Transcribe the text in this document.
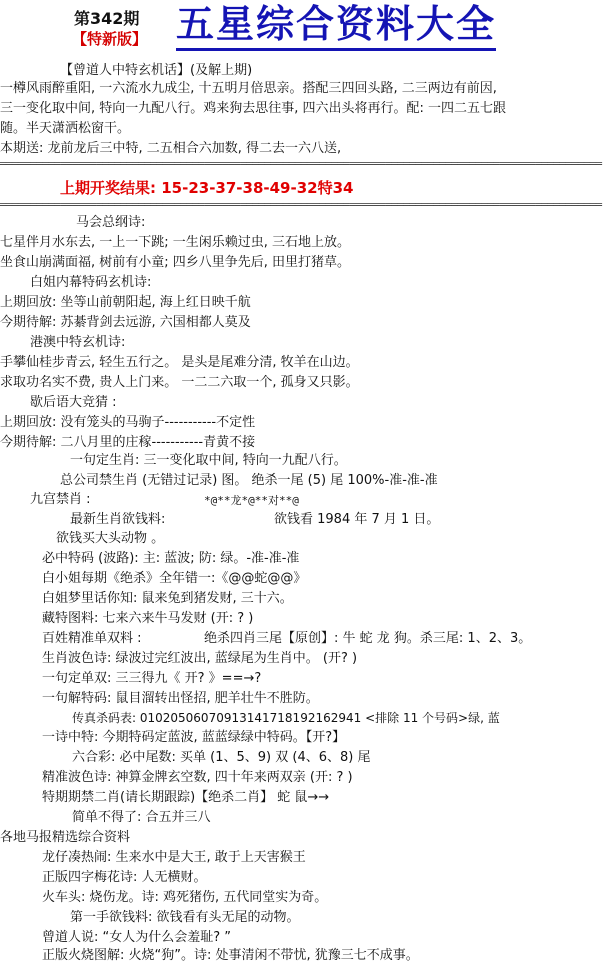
第342期
【特新版】 五星综合资料大全
【曾道人中特玄机话】(及解上期)
一樽风雨醉重阳, 一六流水九成尘, 十五明月倍思亲。搭配三四回头路, 二三两边有前因,
三一变化取中间, 特向一九配八行。鸡来狗去思往事, 四六出头将再行。配: 一四二五七跟
随。半天潇洒松窗干。
本期送: 龙前龙后三中特, 二五相合六加数, 得二去一六八送,
════════════════════════════════════════════════════════════════════════════════════════════════════
上期开奖结果: 15-23-37-38-49-32特34
════════════════════════════════════════════════════════════════════════════════════════════════════
马会总纲诗:
七星伴月水东去, 一上一下跳; 一生闲乐赖过虫, 三石地上放。
坐食山崩满面福, 树前有小童; 四乡八里争先后, 田里打猪草。
白姐内幕特码玄机诗:
上期回放: 坐等山前朝阳起, 海上红日映千航
今期待解: 苏綦背剑去远游, 六国相都人莫及
港澳中特玄机诗:
手攀仙桂步青云, 轻生五行之。 是头是尾难分清, 牧羊在山边。
求取功名实不费, 贵人上门来。 一二二六取一个, 孤身又只影。
歇后语大竞猜 :
上期回放: 没有笼头的马驹子-----------不定性
今期待解: 二八月里的庄稼-----------青黄不接
一句定生肖: 三一变化取中间, 特向一九配八行。
总公司禁生肖 (无错过记录) 图。 绝杀一尾 (5) 尾 100%-准-准-准
九宫禁肖 :	*@**龙*@**对**@
最新生肖欲钱料:	欲钱看 1984 年 7 月 1 日。
欲钱买大头动物 。
必中特码 (波路): 主: 蓝波; 防: 绿。-准-准-准
白小姐每期《绝杀》全年错一:《@@蛇@@》
白姐梦里话你知: 鼠来兔到猪发财, 三十六。
藏特图料: 七来六来牛马发财 (开: ? )
百姓精准单双料 :	绝杀四肖三尾【原创】: 牛 蛇 龙 狗。杀三尾: 1、2、3。
生肖波色诗: 绿波过完红波出, 蓝绿尾为生肖中。 (开? )
一句定单双: 三三得九《 开? 》==→?
一句解特码: 鼠目溜转出怪招, 肥羊壮牛不胜防。
传真杀码表: 01020506070913141718192162941 <排除 11 个号码>绿, 蓝
一诗中特: 今期特码定蓝波, 蓝蓝绿绿中特码。【开?】
六合彩: 必中尾数: 买单 (1、5、9) 双 (4、6、8) 尾
精准波色诗: 神算金牌玄空数, 四十年来两双亲 (开: ? )
特期期禁二肖(请长期跟踪)【绝杀二肖】 蛇 鼠→→
简单不得了: 合五并三八
各地马报精选综合资料
龙仔凑热闹: 生来水中是大王, 敢于上天害猴王
正版四字梅花诗: 人无横财。
火车头: 烧伤龙。诗: 鸡死猪伤, 五代同堂实为奇。
第一手欲钱料: 欲钱看有头无尾的动物。
曾道人说: “女人为什么会羞耻? ”
正版火烧图解: 火烧“狗”。诗: 处事清闲不带忧, 犹豫三七不成事。
